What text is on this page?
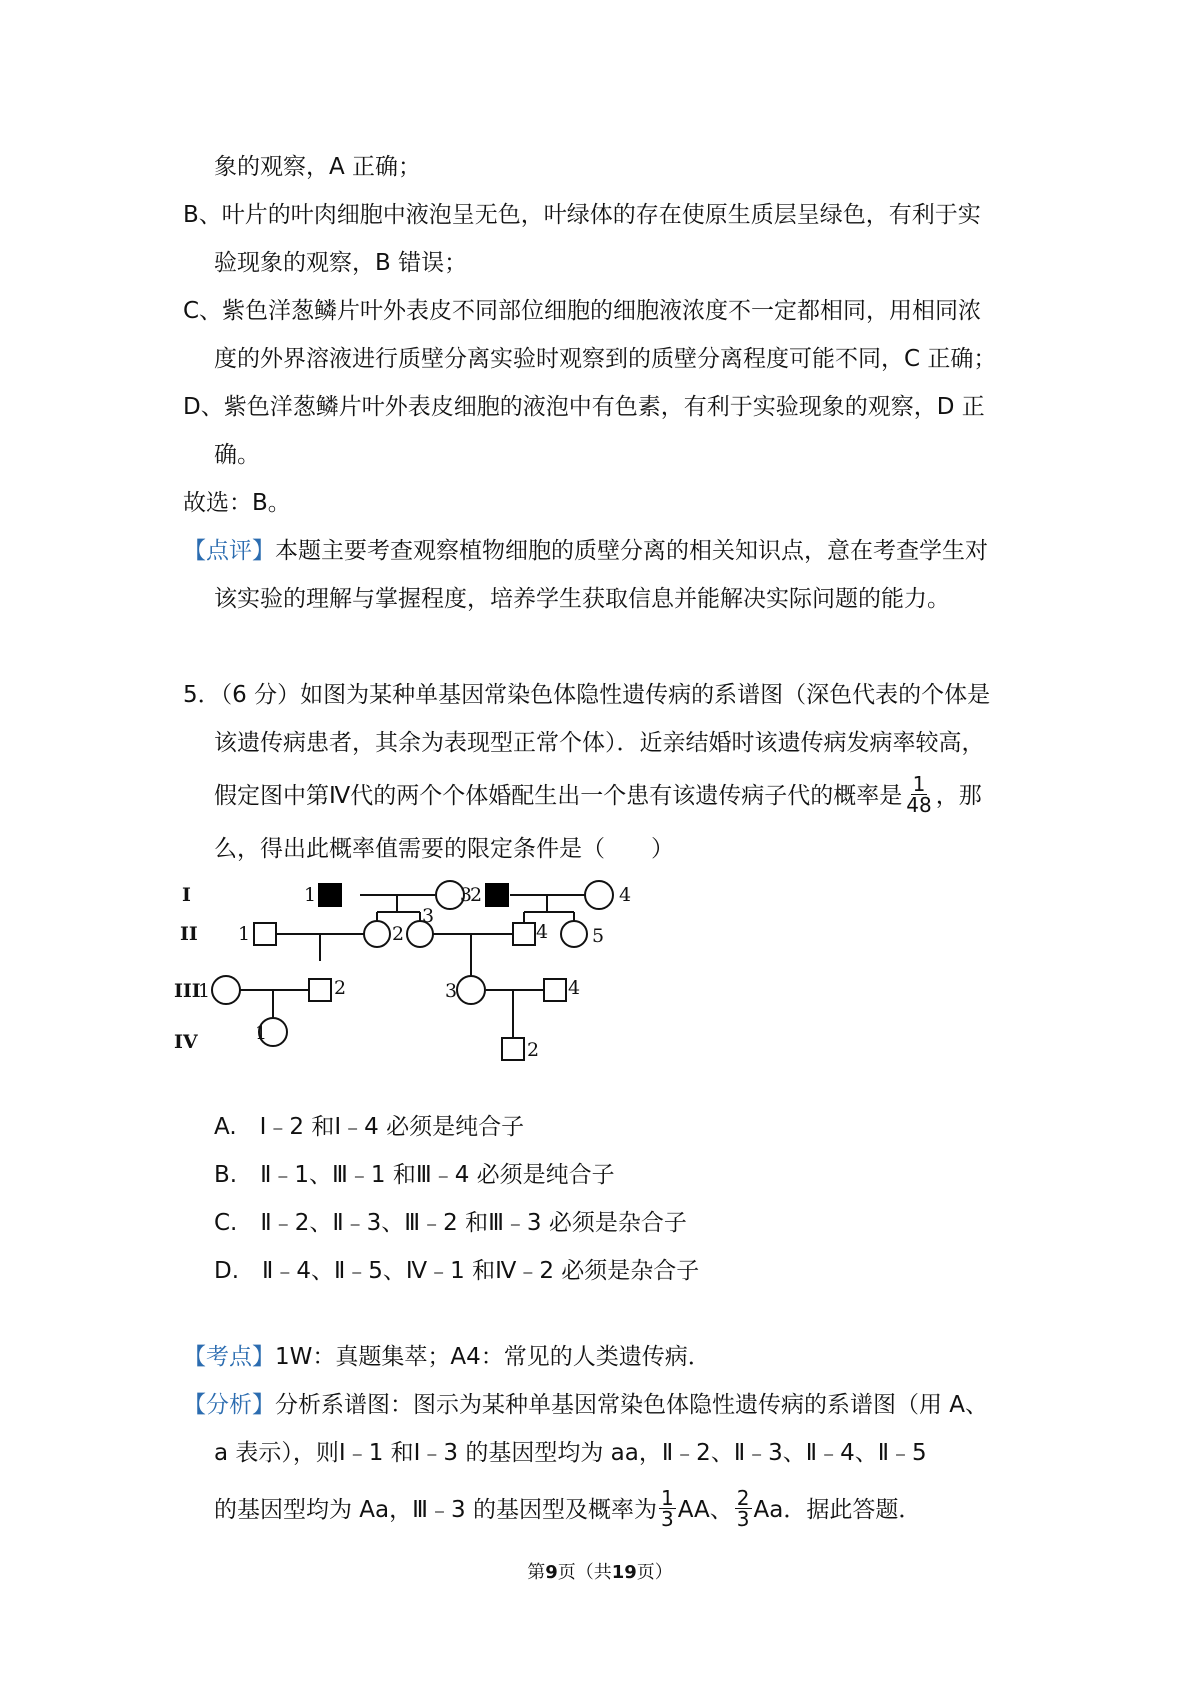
象的观察，A 正确；
B、叶片的叶肉细胞中液泡呈无色，叶绿体的存在使原生质层呈绿色，有利于实
验现象的观察，B 错误；
C、紫色洋葱鳞片叶外表皮不同部位细胞的细胞液浓度不一定都相同，用相同浓
度的外界溶液进行质壁分离实验时观察到的质壁分离程度可能不同，C 正确；
D、紫色洋葱鳞片叶外表皮细胞的液泡中有色素，有利于实验现象的观察，D 正
确。
故选：B。
【点评】本题主要考查观察植物细胞的质壁分离的相关知识点，意在考查学生对
该实验的理解与掌握程度，培养学生获取信息并能解决实际问题的能力。
5．（6 分）如图为某种单基因常染色体隐性遗传病的系谱图（深色代表的个体是
该遗传病患者，其余为表现型正常个体）．近亲结婚时该遗传病发病率较高，
假定图中第Ⅳ代的两个个体婚配生出一个患有该遗传病子代的概率是 $\frac{1}{48}$ ，那
么，得出此概率值需要的限定条件是（　　）
I
II
III
IV
1	2
3	4
1	2
3
4 5
1	2	3	4
1
2
A.　Ⅰ﹣2 和Ⅰ﹣4 必须是纯合子
B.　Ⅱ﹣1、Ⅲ﹣1 和Ⅲ﹣4 必须是纯合子
C.　Ⅱ﹣2、Ⅱ﹣3、Ⅲ﹣2 和Ⅲ﹣3 必须是杂合子
D.　Ⅱ﹣4、Ⅱ﹣5、Ⅳ﹣1 和Ⅳ﹣2 必须是杂合子
【考点】1W：真题集萃；A4：常见的人类遗传病．
【分析】分析系谱图：图示为某种单基因常染色体隐性遗传病的系谱图（用 A、
a 表示），则Ⅰ﹣1 和Ⅰ﹣3 的基因型均为 aa，Ⅱ﹣2、Ⅱ﹣3、Ⅱ﹣4、Ⅱ﹣5
的基因型均为 Aa，Ⅲ﹣3 的基因型及概率为 $\frac{1}{3}$ AA、 $\frac{2}{3}$ Aa．据此答题．
第9页（共19页）
